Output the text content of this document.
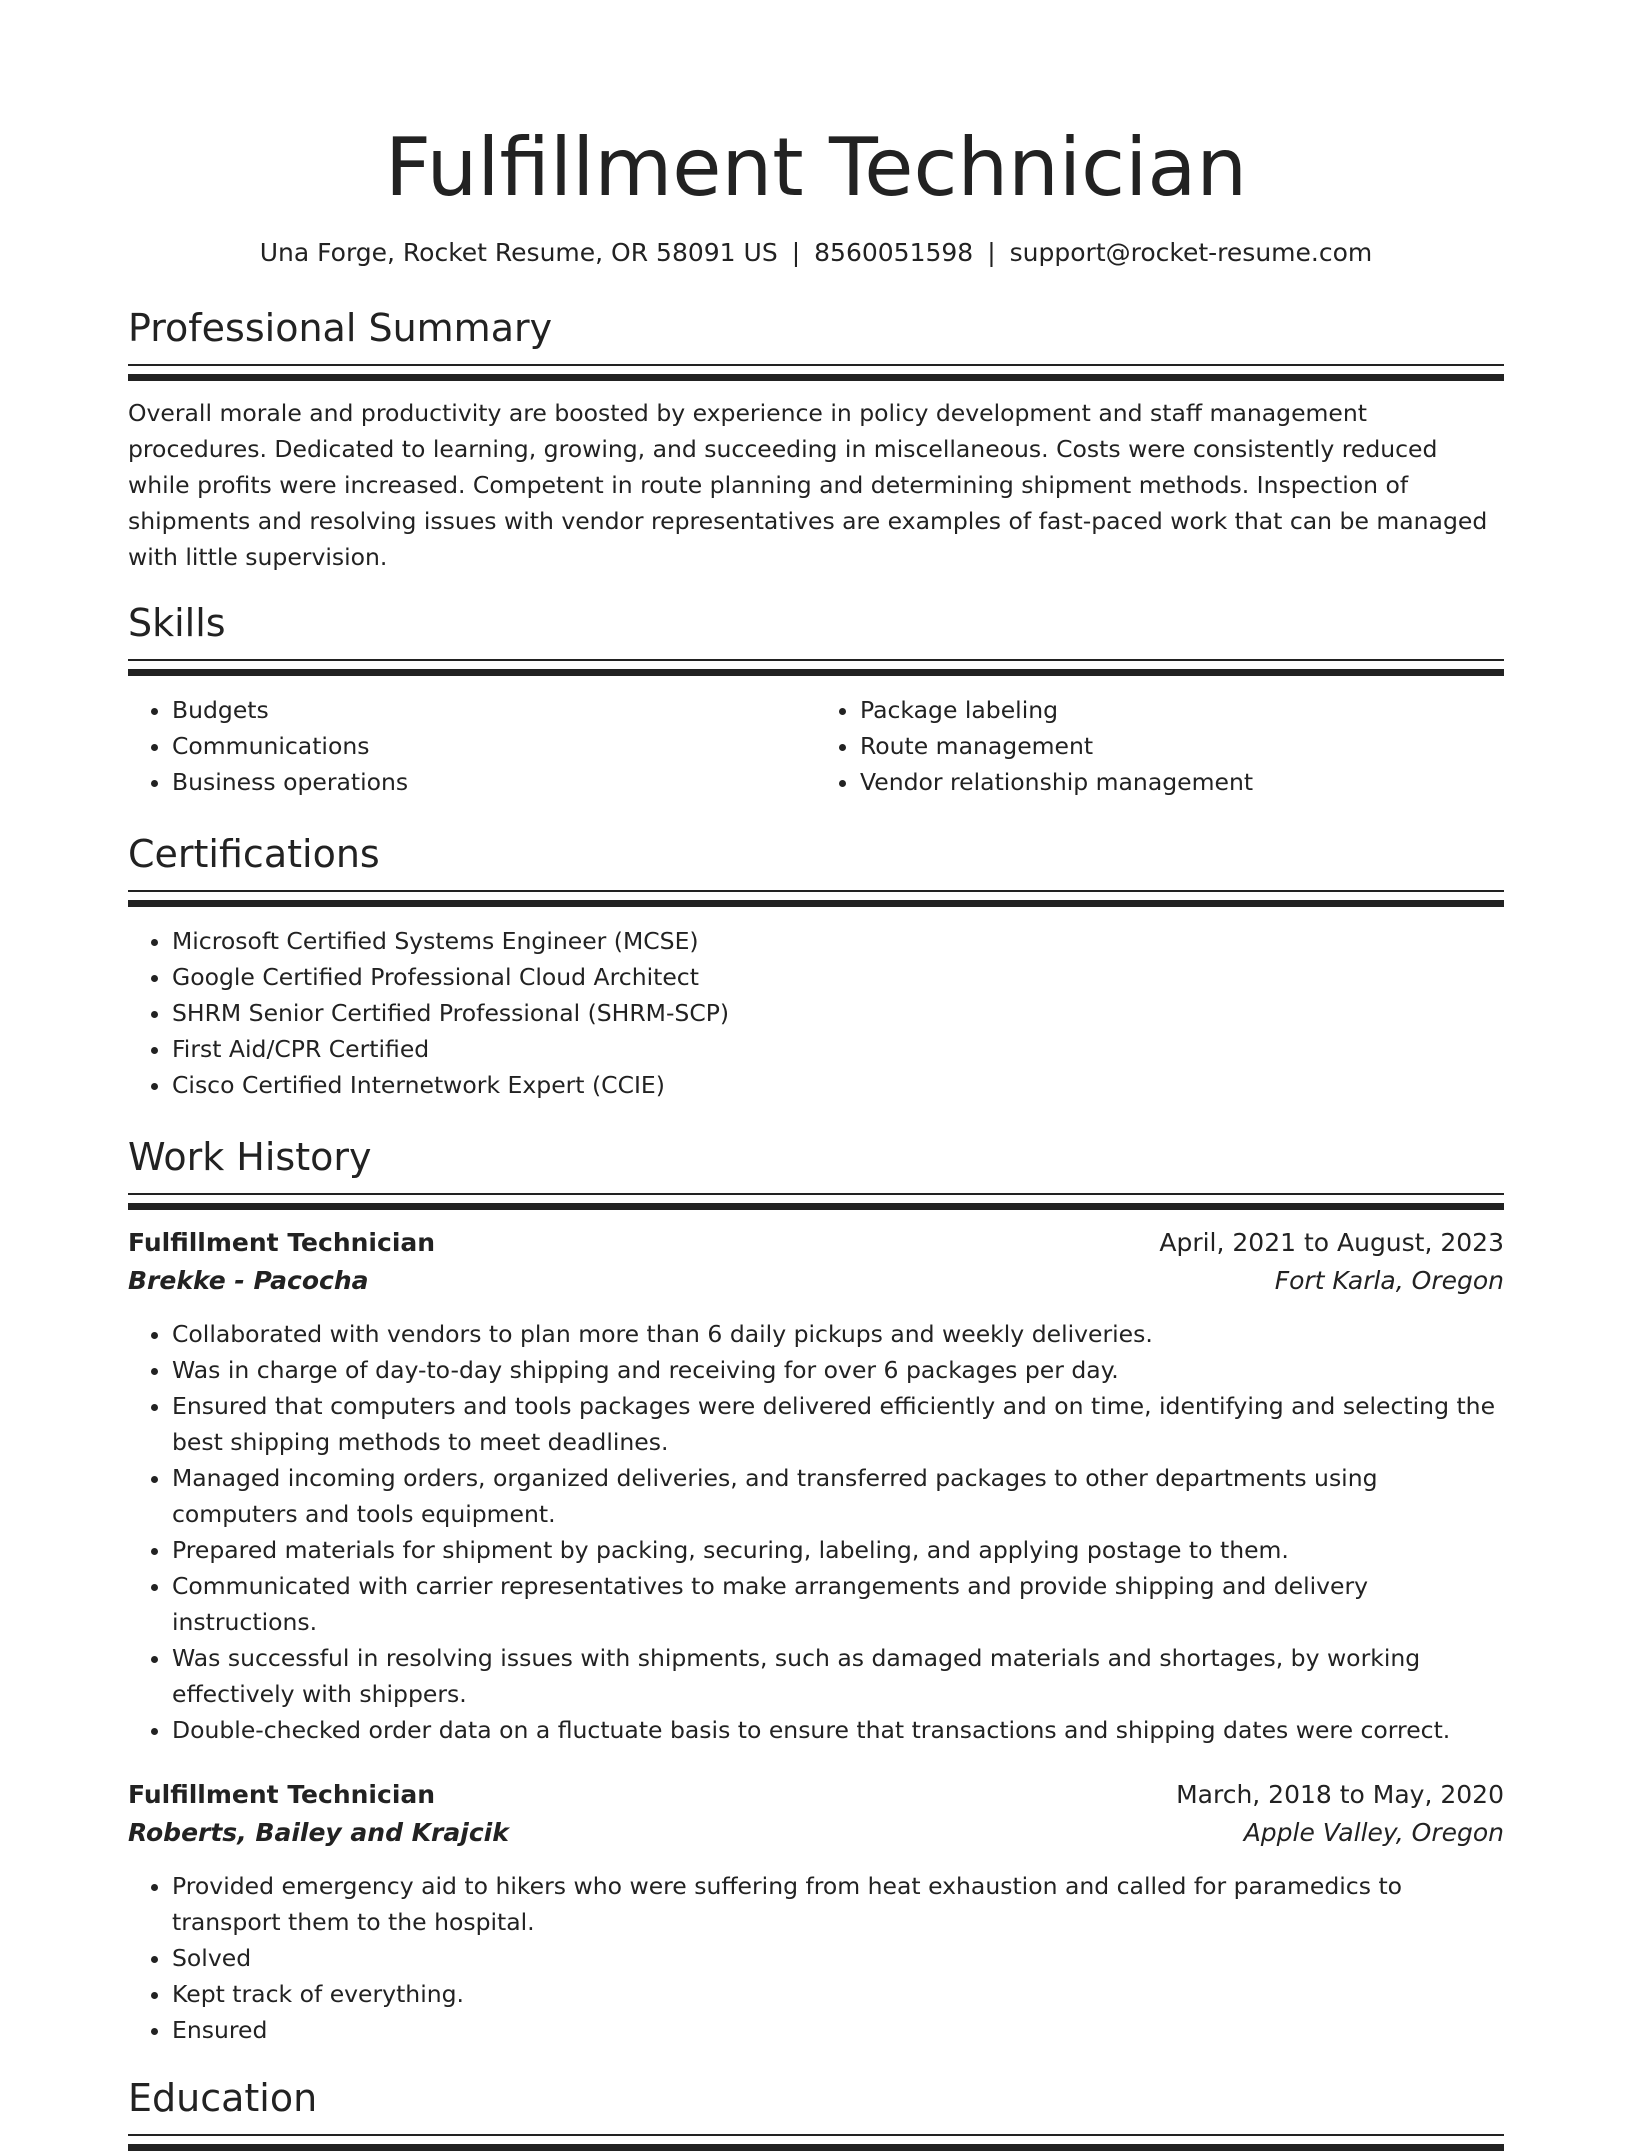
Fulfillment Technician
Una Forge, Rocket Resume, OR 58091 US | 8560051598 | support@rocket-resume.com
Professional Summary

Overall morale and productivity are boosted by experience in policy development and staff management procedures. Dedicated to learning, growing, and succeeding in miscellaneous. Costs were consistently reduced while profits were increased. Competent in route planning and determining shipment methods. Inspection of shipments and resolving issues with vendor representatives are examples of fast-paced work that can be managed with little supervision.

Skills
• Budgets
• Communications
• Business operations
• Package labeling
• Route management
• Vendor relationship management
Certifications
• Microsoft Certified Systems Engineer (MCSE)
• Google Certified Professional Cloud Architect
• SHRM Senior Certified Professional (SHRM-SCP)
• First Aid/CPR Certified
• Cisco Certified Internetwork Expert (CCIE)
Work History
Fulfillment Technician	April, 2021 to August, 2023
Brekke - Pacocha	Fort Karla, Oregon
• Collaborated with vendors to plan more than 6 daily pickups and weekly deliveries.
• Was in charge of day-to-day shipping and receiving for over 6 packages per day.
• Ensured that computers and tools packages were delivered efficiently and on time, identifying and selecting the best shipping methods to meet deadlines.
• Managed incoming orders, organized deliveries, and transferred packages to other departments using computers and tools equipment.
• Prepared materials for shipment by packing, securing, labeling, and applying postage to them.
• Communicated with carrier representatives to make arrangements and provide shipping and delivery instructions.
• Was successful in resolving issues with shipments, such as damaged materials and shortages, by working effectively with shippers.
• Double-checked order data on a fluctuate basis to ensure that transactions and shipping dates were correct.
Fulfillment Technician	March, 2018 to May, 2020
Roberts, Bailey and Krajcik	Apple Valley, Oregon
• Provided emergency aid to hikers who were suffering from heat exhaustion and called for paramedics to transport them to the hospital.
• Solved
• Kept track of everything.
• Ensured
Education
